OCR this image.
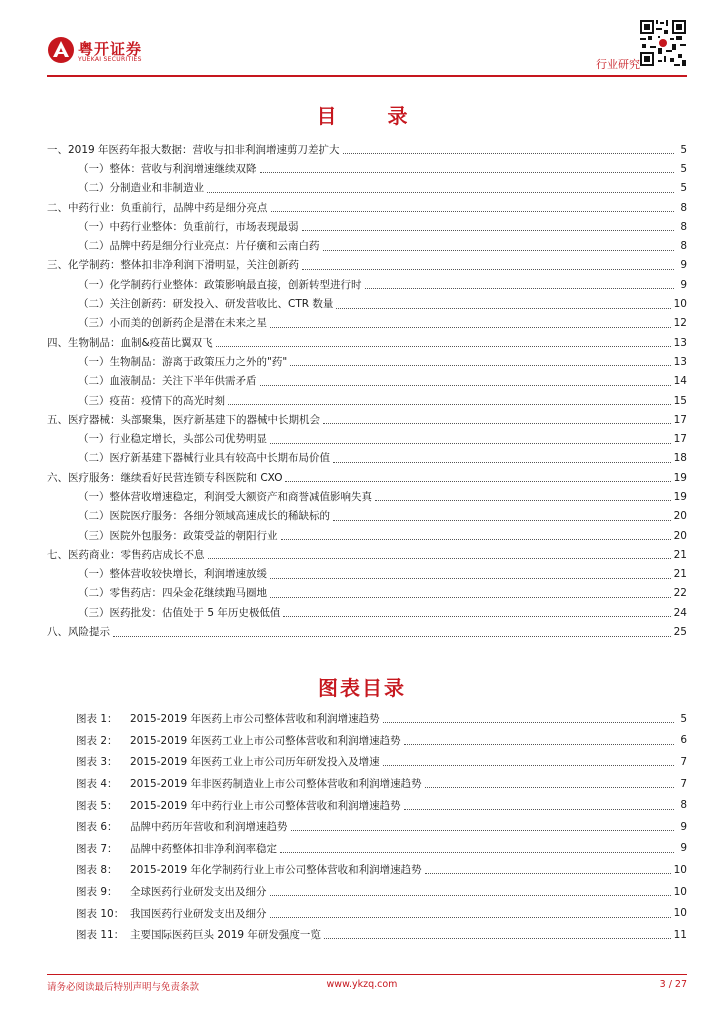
粤开证券
YUEKAI SECURITIES	行业研究
目 录
一、2019 年医药年报大数据：营收与扣非利润增速剪刀差扩大	5
（一）整体：营收与利润增速继续双降	5
（二）分制造业和非制造业	5
二、中药行业：负重前行，品牌中药是细分亮点	8
（一）中药行业整体：负重前行，市场表现最弱	8
（二）品牌中药是细分行业亮点：片仔癀和云南白药	8
三、化学制药：整体扣非净利润下滑明显，关注创新药	9
（一）化学制药行业整体：政策影响最直接，创新转型进行时	9
（二）关注创新药：研发投入、研发营收比、CTR 数量	10
（三）小而美的创新药企是潜在未来之星	12
四、生物制品：血制&疫苗比翼双飞	13
（一）生物制品：游离于政策压力之外的"药"	13
（二）血液制品：关注下半年供需矛盾	14
（三）疫苗：疫情下的高光时刻	15
五、医疗器械：头部聚集，医疗新基建下的器械中长期机会	17
（一）行业稳定增长，头部公司优势明显	17
（二）医疗新基建下器械行业具有较高中长期布局价值	18
六、医疗服务：继续看好民营连锁专科医院和 CXO	19
（一）整体营收增速稳定，利润受大额资产和商誉减值影响失真	19
（二）医院医疗服务：各细分领域高速成长的稀缺标的	20
（三）医院外包服务：政策受益的朝阳行业	20
七、医药商业：零售药店成长不息	21
（一）整体营收较快增长，利润增速放缓	21
（二）零售药店：四朵金花继续跑马圈地	22
（三）医药批发：估值处于 5 年历史极低值	24
八、风险提示	25
图表目录
图表 1：	2015-2019 年医药上市公司整体营收和利润增速趋势	5
图表 2：	2015-2019 年医药工业上市公司整体营收和利润增速趋势	6
图表 3：	2015-2019 年医药工业上市公司历年研发投入及增速	7
图表 4：	2015-2019 年非医药制造业上市公司整体营收和利润增速趋势	7
图表 5：	2015-2019 年中药行业上市公司整体营收和利润增速趋势	8
图表 6：	品牌中药历年营收和利润增速趋势	9
图表 7：	品牌中药整体扣非净利润率稳定	9
图表 8：	2015-2019 年化学制药行业上市公司整体营收和利润增速趋势	10
图表 9：	全球医药行业研发支出及细分	10
图表 10： 我国医药行业研发支出及细分	10
图表 11： 主要国际医药巨头 2019 年研发强度一览	11
请务必阅读最后特别声明与免责条款	www.ykzq.com	3 / 27
